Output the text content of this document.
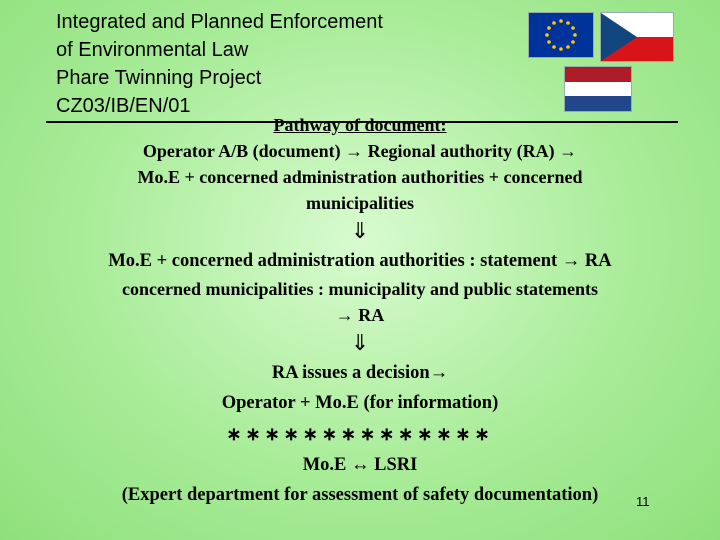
Integrated and Planned Enforcement
of Environmental Law
Phare Twinning Project
CZ03/IB/EN/01
Pathway of document:
Operator A/B (document) → Regional authority (RA) →
Mo.E + concerned administration authorities + concerned
municipalities
⇓
Mo.E + concerned administration authorities : statement → RA
concerned municipalities : municipality and public statements
→ RA
⇓
RA issues a decision→
Operator + Mo.E (for information)
∗∗∗∗∗∗∗∗∗∗∗∗∗∗
Mo.E ↔ LSRI
(Expert department for assessment of safety documentation)	11
